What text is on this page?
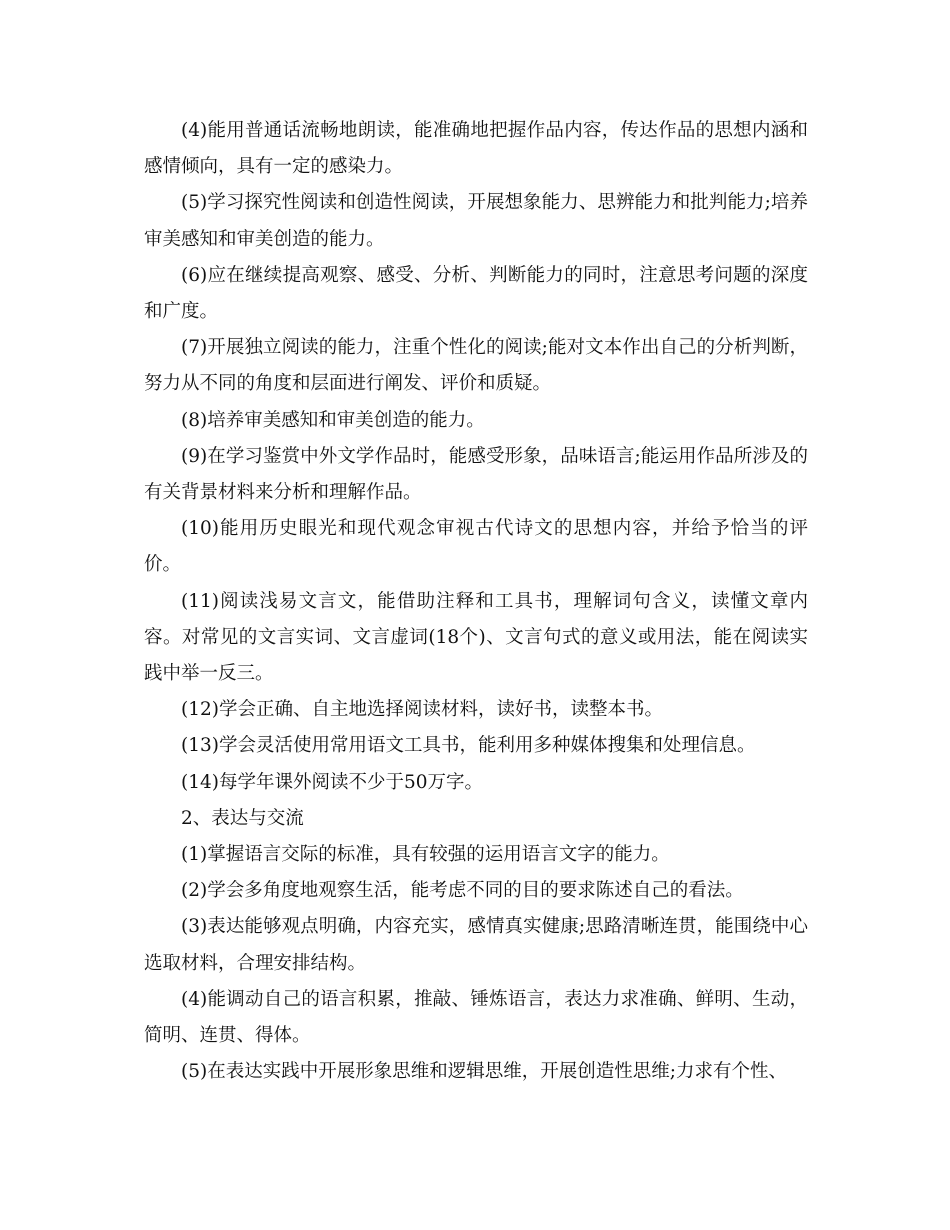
(4)能用普通话流畅地朗读，能准确地把握作品内容，传达作品的思想内涵和感情倾向，具有一定的感染力。

(5)学习探究性阅读和创造性阅读，开展想象能力、思辨能力和批判能力;培养审美感知和审美创造的能力。

(6)应在继续提高观察、感受、分析、判断能力的同时，注意思考问题的深度和广度。

(7)开展独立阅读的能力，注重个性化的阅读;能对文本作出自己的分析判断，努力从不同的角度和层面进行阐发、评价和质疑。

(8)培养审美感知和审美创造的能力。

(9)在学习鉴赏中外文学作品时，能感受形象，品味语言;能运用作品所涉及的有关背景材料来分析和理解作品。

(10)能用历史眼光和现代观念审视古代诗文的思想内容，并给予恰当的评价。

(11)阅读浅易文言文，能借助注释和工具书，理解词句含义，读懂文章内容。对常见的文言实词、文言虚词(18个)、文言句式的意义或用法，能在阅读实践中举一反三。

(12)学会正确、自主地选择阅读材料，读好书，读整本书。

(13)学会灵活使用常用语文工具书，能利用多种媒体搜集和处理信息。

(14)每学年课外阅读不少于50万字。

2、表达与交流

(1)掌握语言交际的标准，具有较强的运用语言文字的能力。

(2)学会多角度地观察生活，能考虑不同的目的要求陈述自己的看法。

(3)表达能够观点明确，内容充实，感情真实健康;思路清晰连贯，能围绕中心选取材料，合理安排结构。

(4)能调动自己的语言积累，推敲、锤炼语言，表达力求准确、鲜明、生动，简明、连贯、得体。

(5)在表达实践中开展形象思维和逻辑思维，开展创造性思维;力求有个性、
